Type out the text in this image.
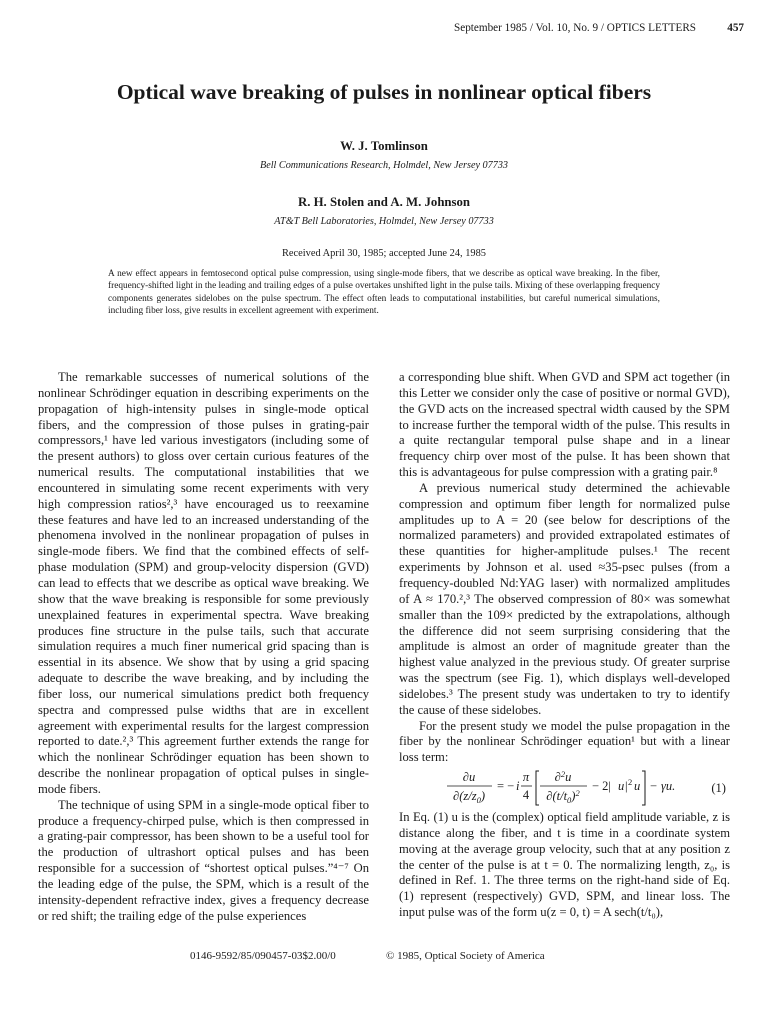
September 1985 / Vol. 10, No. 9 / OPTICS LETTERS	457
Optical wave breaking of pulses in nonlinear optical fibers
W. J. Tomlinson
Bell Communications Research, Holmdel, New Jersey 07733
R. H. Stolen and A. M. Johnson
AT&T Bell Laboratories, Holmdel, New Jersey 07733
Received April 30, 1985; accepted June 24, 1985

A new effect appears in femtosecond optical pulse compression, using single-mode fibers, that we describe as optical wave breaking. In the fiber, frequency-shifted light in the leading and trailing edges of a pulse overtakes unshifted light in the pulse tails. Mixing of these overlapping frequency components generates sidelobes on the pulse spectrum. The effect often leads to computational instabilities, but careful numerical simulations, including fiber loss, give results in excellent agreement with experiment.

The remarkable successes of numerical solutions of the nonlinear Schrödinger equation in describing experiments on the propagation of high-intensity pulses in single-mode optical fibers, and the compression of those pulses in grating-pair compressors,¹ have led various investigators (including some of the present authors) to gloss over certain curious features of the numerical results. The computational instabilities that we encountered in simulating some recent experiments with very high compression ratios²,³ have encouraged us to reexamine these features and have led to an increased understanding of the phenomena involved in the nonlinear propagation of pulses in single-mode fibers. We find that the combined effects of self-phase modulation (SPM) and group-velocity dispersion (GVD) can lead to effects that we describe as optical wave breaking. We show that the wave breaking is responsible for some previously unexplained features in experimental spectra. Wave breaking produces fine structure in the pulse tails, such that accurate simulation requires a much finer numerical grid spacing than is essential in its absence. We show that by using a grid spacing adequate to describe the wave breaking, and by including the fiber loss, our numerical simulations predict both frequency spectra and compressed pulse widths that are in excellent agreement with experimental results for the largest compression reported to date.²,³ This agreement further extends the range for which the nonlinear Schrödinger equation has been shown to describe the nonlinear propagation of optical pulses in single-mode fibers.

The technique of using SPM in a single-mode optical fiber to produce a frequency-chirped pulse, which is then compressed in a grating-pair compressor, has been shown to be a useful tool for the production of ultrashort optical pulses and has been responsible for a succession of “shortest optical pulses.”⁴⁻⁷ On the leading edge of the pulse, the SPM, which is a result of the intensity-dependent refractive index, gives a frequency decrease or red shift; the trailing edge of the pulse experiences

a corresponding blue shift. When GVD and SPM act together (in this Letter we consider only the case of positive or normal GVD), the GVD acts on the increased spectral width caused by the SPM to increase further the temporal width of the pulse. This results in a quite rectangular temporal pulse shape and in a linear frequency chirp over most of the pulse. It has been shown that this is advantageous for pulse compression with a grating pair.⁸

A previous numerical study determined the achievable compression and optimum fiber length for normalized pulse amplitudes up to A = 20 (see below for descriptions of the normalized parameters) and provided extrapolated estimates of these quantities for higher-amplitude pulses.¹ The recent experiments by Johnson et al. used ≈35-psec pulses (from a frequency-doubled Nd:YAG laser) with normalized amplitudes of A ≈ 170.²,³ The observed compression of 80× was somewhat smaller than the 109× predicted by the extrapolations, although the difference did not seem surprising considering that the amplitude is almost an order of magnitude greater than the highest value analyzed in the previous study. Of greater surprise was the spectrum (see Fig. 1), which displays well-developed sidelobes.³ The present study was undertaken to try to identify the cause of these sidelobes.

For the present study we model the pulse propagation in the fiber by the nonlinear Schrödinger equation¹ but with a linear loss term:

∂u
$\partial(z/z_0)$
= − i
π
4
∂$^2$u
$\partial(t/t_0)^2 - 2|$ u | 2 u − γu.	(1)

In Eq. (1) u is the (complex) optical field amplitude variable, z is distance along the fiber, and t is time in a coordinate system moving at the average group velocity, such that at any position z the center of the pulse is at t = 0. The normalizing length, z₀, is defined in Ref. 1. The three terms on the right-hand side of Eq. (1) represent (respectively) GVD, SPM, and linear loss. The input pulse was of the form u(z = 0, t) = A sech(t/t₀),

0146-9592/85/090457-03$2.00/0	© 1985, Optical Society of America
